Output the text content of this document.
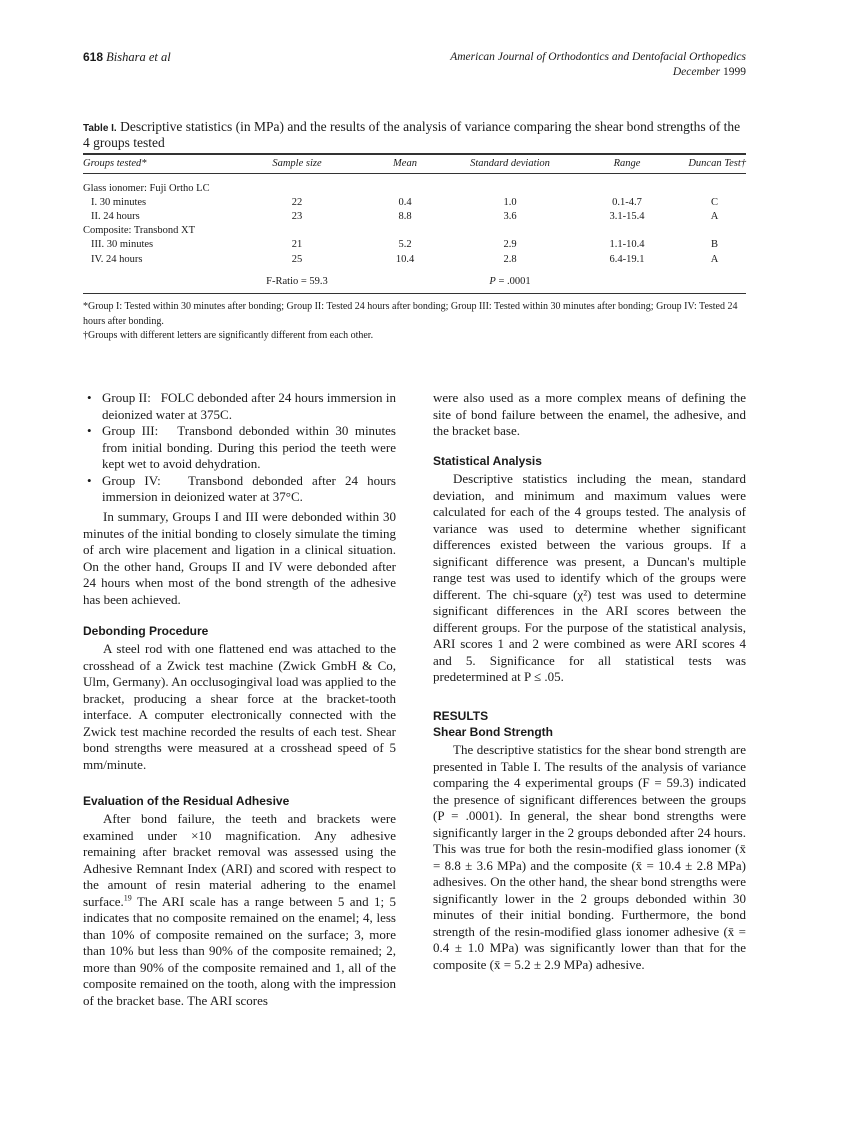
618 Bishara et al	American Journal of Orthodontics and Dentofacial Orthopedics
December 1999
Table I. Descriptive statistics (in MPa) and the results of the analysis of variance comparing the shear bond strengths of the 4 groups tested
Groups tested*	Sample size	Mean	Standard deviation	Range	Duncan Test†

Glass ionomer: Fuji Ortho LC					
I. 30 minutes	22	0.4	1.0	0.1-4.7	C
II. 24 hours	23	8.8	3.6	3.1-15.4	A
Composite: Transbond XT					
III. 30 minutes	21	5.2	2.9	1.1-10.4	B
IV. 24 hours	25	10.4	2.8	6.4-19.1	A

	F-Ratio = 59.3		P = .0001		
*Group I: Tested within 30 minutes after bonding; Group II: Tested 24 hours after bonding; Group III: Tested within 30 minutes after bonding; Group IV: Tested 24 hours after bonding.
†Groups with different letters are significantly different from each other.

• Group II:   FOLC debonded after 24 hours immersion in deionized water at 375C.

• Group III:   Transbond debonded within 30 minutes from initial bonding. During this period the teeth were kept wet to avoid dehydration.

• Group IV:   Transbond debonded after 24 hours immersion in deionized water at 37°C.

In summary, Groups I and III were debonded within 30 minutes of the initial bonding to closely simulate the timing of arch wire placement and ligation in a clinical situation. On the other hand, Groups II and IV were debonded after 24 hours when most of the bond strength of the adhesive has been achieved.

Debonding Procedure

A steel rod with one flattened end was attached to the crosshead of a Zwick test machine (Zwick GmbH & Co, Ulm, Germany). An occlusogingival load was applied to the bracket, producing a shear force at the bracket-tooth interface. A computer electronically connected with the Zwick test machine recorded the results of each test. Shear bond strengths were measured at a crosshead speed of 5 mm/minute.

Evaluation of the Residual Adhesive

After bond failure, the teeth and brackets were examined under ×10 magnification. Any adhesive remaining after bracket removal was assessed using the Adhesive Remnant Index (ARI) and scored with respect to the amount of resin material adhering to the enamel surface.$^{19}$ The ARI scale has a range between 5 and 1; 5 indicates that no composite remained on the enamel; 4, less than 10% of composite remained on the surface; 3, more than 10% but less than 90% of the composite remained; 2, more than 90% of the composite remained and 1, all of the composite remained on the tooth, along with the impression of the bracket base. The ARI scores

were also used as a more complex means of defining the site of bond failure between the enamel, the adhesive, and the bracket base.

Statistical Analysis

Descriptive statistics including the mean, standard deviation, and minimum and maximum values were calculated for each of the 4 groups tested. The analysis of variance was used to determine whether significant differences existed between the various groups. If a significant difference was present, a Duncan's multiple range test was used to identify which of the groups were different. The chi-square (χ²) test was used to determine significant differences in the ARI scores between the different groups. For the purpose of the statistical analysis, ARI scores 1 and 2 were combined as were ARI scores 4 and 5. Significance for all statistical tests was predetermined at P ≤ .05.

RESULTS
Shear Bond Strength

The descriptive statistics for the shear bond strength are presented in Table I. The results of the analysis of variance comparing the 4 experimental groups (F = 59.3) indicated the presence of significant differences between the groups (P = .0001). In general, the shear bond strengths were significantly larger in the 2 groups debonded after 24 hours. This was true for both the resin-modified glass ionomer (x̄ = 8.8 ± 3.6 MPa) and the composite (x̄ = 10.4 ± 2.8 MPa) adhesives. On the other hand, the shear bond strengths were significantly lower in the 2 groups debonded within 30 minutes of their initial bonding. Furthermore, the bond strength of the resin-modified glass ionomer adhesive (x̄ = 0.4 ± 1.0 MPa) was significantly lower than that for the composite (x̄ = 5.2 ± 2.9 MPa) adhesive.
